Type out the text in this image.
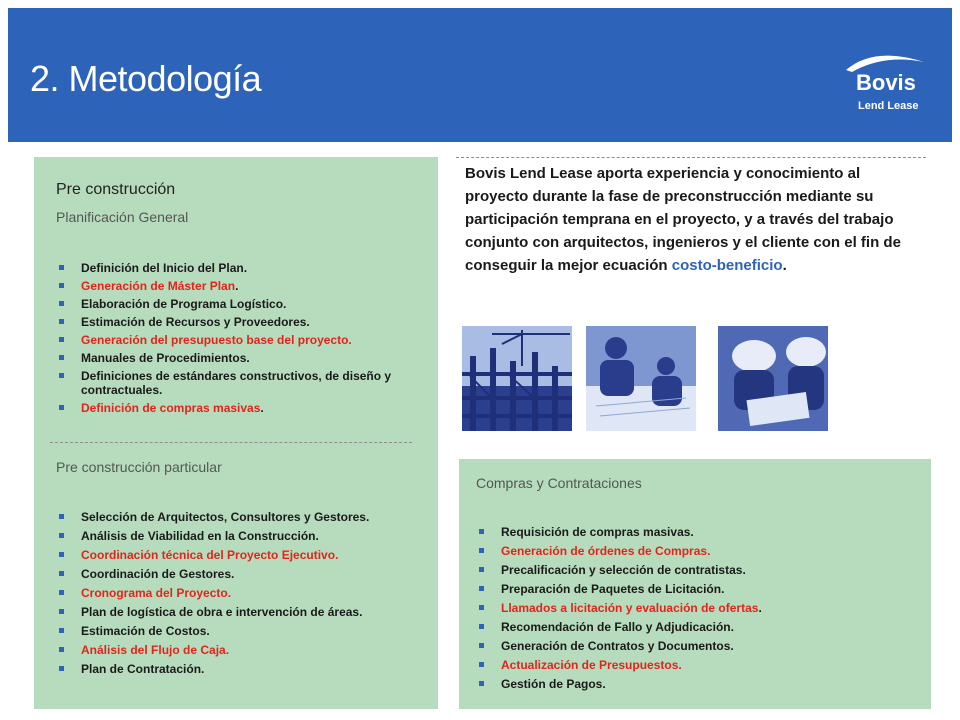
2. Metodología	Bovis
Lend Lease
Pre construcción
Planificación General
Definición del Inicio del Plan.
Generación de Máster Plan.
Elaboración de Programa Logístico.
Estimación de Recursos y Proveedores.
Generación del presupuesto base del proyecto.
Manuales de Procedimientos.
Definiciones de estándares constructivos, de diseño y contractuales.
Definición de compras masivas.
Pre construcción particular
Selección de Arquitectos, Consultores y Gestores.
Análisis de Viabilidad en la Construcción.
Coordinación técnica del Proyecto Ejecutivo.
Coordinación de Gestores.
Cronograma del Proyecto.
Plan de logística de obra e intervención de áreas.
Estimación de Costos.
Análisis del Flujo de Caja.
Plan de Contratación.
Bovis Lend Lease aporta experiencia y conocimiento al proyecto durante la fase de preconstrucción mediante su participación temprana en el proyecto, y a través del trabajo conjunto con arquitectos, ingenieros y el cliente con el fin de conseguir la mejor ecuación costo-beneficio.
Compras y Contrataciones
Requisición de compras masivas.
Generación de órdenes de Compras.
Precalificación y selección de contratistas.
Preparación de Paquetes de Licitación.
Llamados a licitación y evaluación de ofertas.
Recomendación de Fallo y Adjudicación.
Generación de Contratos y Documentos.
Actualización de Presupuestos.
Gestión de Pagos.
